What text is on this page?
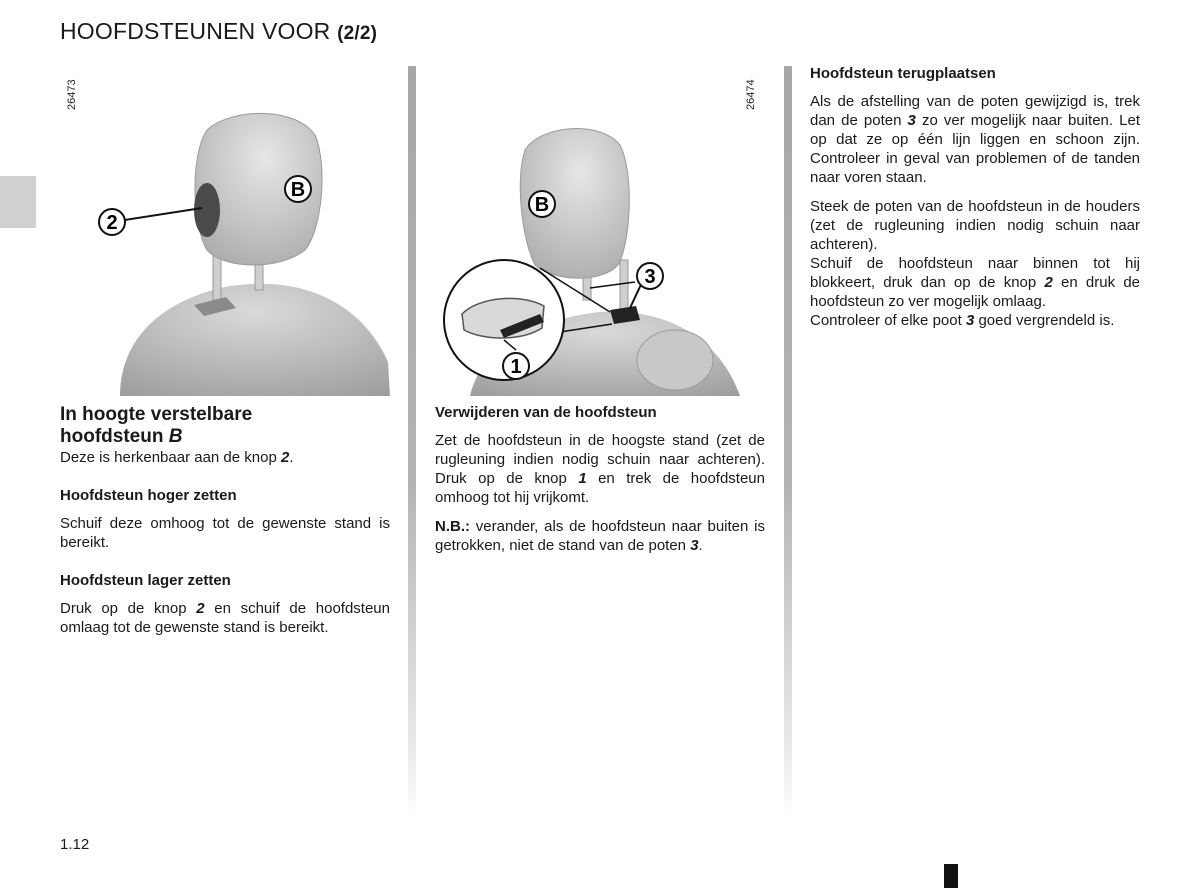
HOOFDSTEUNEN VOOR (2/2)
26473
2
B
26474
3
B
1

In hoogte verstelbare
hoofdsteun B

Deze is herkenbaar aan de knop 2.

Hoofdsteun hoger zetten

Schuif deze omhoog tot de gewenste stand is bereikt.

Hoofdsteun lager zetten

Druk op de knop 2 en schuif de hoofdsteun omlaag tot de gewenste stand is bereikt.

Verwijderen van de hoofdsteun

Zet de hoofdsteun in de hoogste stand (zet de rugleuning indien nodig schuin naar achteren). Druk op de knop 1 en trek de hoofdsteun omhoog tot hij vrijkomt.

N.B.: verander, als de hoofdsteun naar buiten is getrokken, niet de stand van de poten 3.

Hoofdsteun terugplaatsen

Als de afstelling van de poten gewijzigd is, trek dan de poten 3 zo ver mogelijk naar buiten. Let op dat ze op één lijn liggen en schoon zijn. Controleer in geval van problemen of de tanden naar voren staan.

Steek de poten van de hoofdsteun in de houders (zet de rugleuning indien nodig schuin naar achteren).

Schuif de hoofdsteun naar binnen tot hij blokkeert, druk dan op de knop 2 en druk de hoofdsteun zo ver mogelijk omlaag.

Controleer of elke poot 3 goed vergrendeld is.

1.12
